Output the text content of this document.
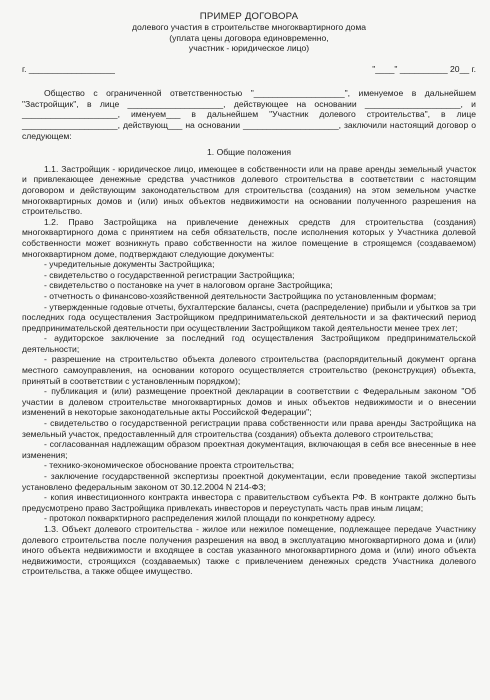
ПРИМЕР ДОГОВОРА
долевого участия в строительстве многоквартирного дома
(уплата цены договора единовременно,
участник - юридическое лицо)
г. __________________	"____" __________ 20__ г.

Общество с ограниченной ответственностью "___________________", именуемое в дальнейшем "Застройщик", в лице ____________________, действующее на основании ____________________, и ____________________, именуем___ в дальнейшем "Участник долевого строительства", в лице ____________________, действующ___ на основании ____________________, заключили настоящий договор о следующем:

1. Общие положения

1.1. Застройщик - юридическое лицо, имеющее в собственности или на праве аренды земельный участок и привлекающее денежные средства участников долевого строительства в соответствии с настоящим договором и действующим законодательством для строительства (создания) на этом земельном участке многоквартирных домов и (или) иных объектов недвижимости на основании полученного разрешения на строительство.

1.2. Право Застройщика на привлечение денежных средств для строительства (создания) многоквартирного дома с принятием на себя обязательств, после исполнения которых у Участника долевой собственности может возникнуть право собственности на жилое помещение в строящемся (создаваемом) многоквартирном доме, подтверждают следующие документы:

- учредительные документы Застройщика;

- свидетельство о государственной регистрации Застройщика;

- свидетельство о постановке на учет в налоговом органе Застройщика;

- отчетность о финансово-хозяйственной деятельности Застройщика по установленным формам;

- утвержденные годовые отчеты, бухгалтерские балансы, счета (распределение) прибыли и убытков за три последних года осуществления Застройщиком предпринимательской деятельности и за фактический период предпринимательской деятельности при осуществлении Застройщиком такой деятельности менее трех лет;

- аудиторское заключение за последний год осуществления Застройщиком предпринимательской деятельности;

- разрешение на строительство объекта долевого строительства (распорядительный документ органа местного самоуправления, на основании которого осуществляется строительство (реконструкция) объекта, принятый в соответствии с установленным порядком);

- публикация и (или) размещение проектной декларации в соответствии с Федеральным законом "Об участии в долевом строительстве многоквартирных домов и иных объектов недвижимости и о внесении изменений в некоторые законодательные акты Российской Федерации";

- свидетельство о государственной регистрации права собственности или права аренды Застройщика на земельный участок, предоставленный для строительства (создания) объекта долевого строительства;

- согласованная надлежащим образом проектная документация, включающая в себя все внесенные в нее изменения;

- технико-экономическое обоснование проекта строительства;

- заключение государственной экспертизы проектной документации, если проведение такой экспертизы установлено федеральным законом от 30.12.2004 N 214-ФЗ;

- копия инвестиционного контракта инвестора с правительством субъекта РФ. В контракте должно быть предусмотрено право Застройщика привлекать инвесторов и переуступать часть прав иным лицам;

- протокол покварктирного распределения жилой площади по конкретному адресу.

1.3. Объект долевого строительства - жилое или нежилое помещение, подлежащее передаче Участнику долевого строительства после получения разрешения на ввод в эксплуатацию многоквартирного дома и (или) иного объекта недвижимости и входящее в состав указанного многоквартирного дома и (или) иного объекта недвижимости, строящихся (создаваемых) также с привлечением денежных средств Участника долевого строительства, а также общее имущество.
